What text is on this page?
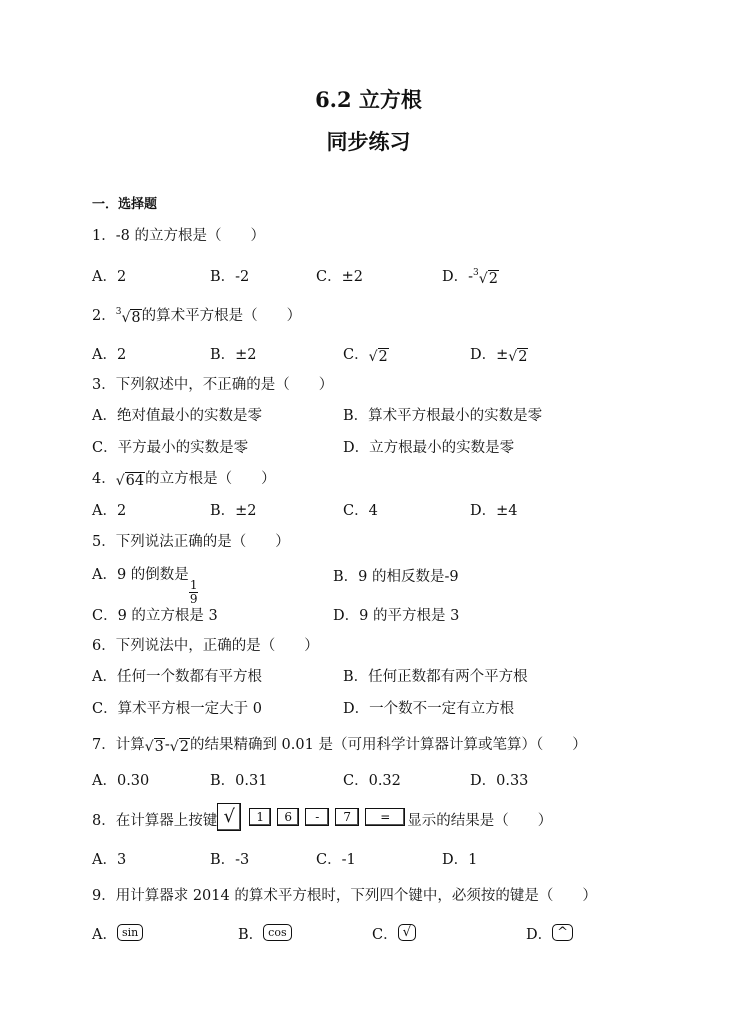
6.2 立方根
同步练习
一．选择题
1．-8 的立方根是（　　）
A．2	B．-2	C．±2	D．-$^3$√2
2．$^3$√8的算术平方根是（　　）
A．2	B．±2	C．√2	D．±√2
3．下列叙述中，不正确的是（　　）
A．绝对值最小的实数是零	B．算术平方根最小的实数是零
C．平方最小的实数是零	D．立方根最小的实数是零
4．√64的立方根是（　　）
A．2	B．±2	C．4	D．±4
5．下列说法正确的是（　　）
A．9 的倒数是
$\frac{1}{9}$
B．9 的相反数是-9
C．9 的立方根是 3	D．9 的平方根是 3
6．下列说法中，正确的是（　　）
A．任何一个数都有平方根	B．任何正数都有两个平方根
C．算术平方根一定大于 0	D．一个数不一定有立方根
7．计算√3-√2的结果精确到 0.01 是（可用科学计算器计算或笔算）（　　）
A．0.30	B．0.31	C．0.32	D．0.33
8．在计算器上按键 √ 1 6 - 7 = 显示的结果是（　　）
A．3	B．-3	C．-1	D．1
9．用计算器求 2014 的算术平方根时，下列四个键中，必须按的键是（　　）
A． sin	B． cos	C． √	D． ^
